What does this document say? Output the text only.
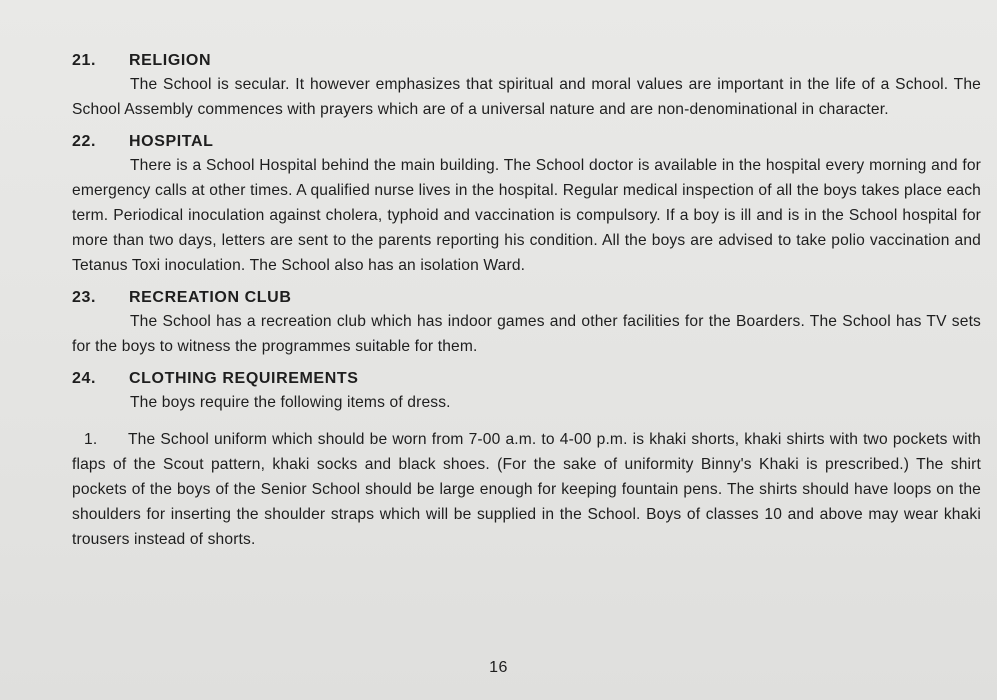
21.	RELIGION

The School is secular. It however emphasizes that spiritual and moral values are important in the life of a School. The School Assembly commences with prayers which are of a universal nature and are non-denominational in character.

22.	HOSPITAL

There is a School Hospital behind the main building. The School doctor is available in the hospital every morning and for emergency calls at other times. A qualified nurse lives in the hospital. Regular medical inspection of all the boys takes place each term. Periodical inoculation against cholera, typhoid and vaccination is compulsory. If a boy is ill and is in the School hospital for more than two days, letters are sent to the parents reporting his condition. All the boys are advised to take polio vaccination and Tetanus Toxi inoculation. The School also has an isolation Ward.

23.	RECREATION CLUB

The School has a recreation club which has indoor games and other facilities for the Boarders. The School has TV sets for the boys to witness the programmes suitable for them.

24.	CLOTHING REQUIREMENTS

The boys require the following items of dress.

1. The School uniform which should be worn from 7-00 a.m. to 4-00 p.m. is khaki shorts, khaki shirts with two pockets with flaps of the Scout pattern, khaki socks and black shoes. (For the sake of uniformity Binny's Khaki is prescribed.) The shirt pockets of the boys of the Senior School should be large enough for keeping fountain pens. The shirts should have loops on the shoulders for inserting the shoulder straps which will be supplied in the School. Boys of classes 10 and above may wear khaki trousers instead of shorts.

16
